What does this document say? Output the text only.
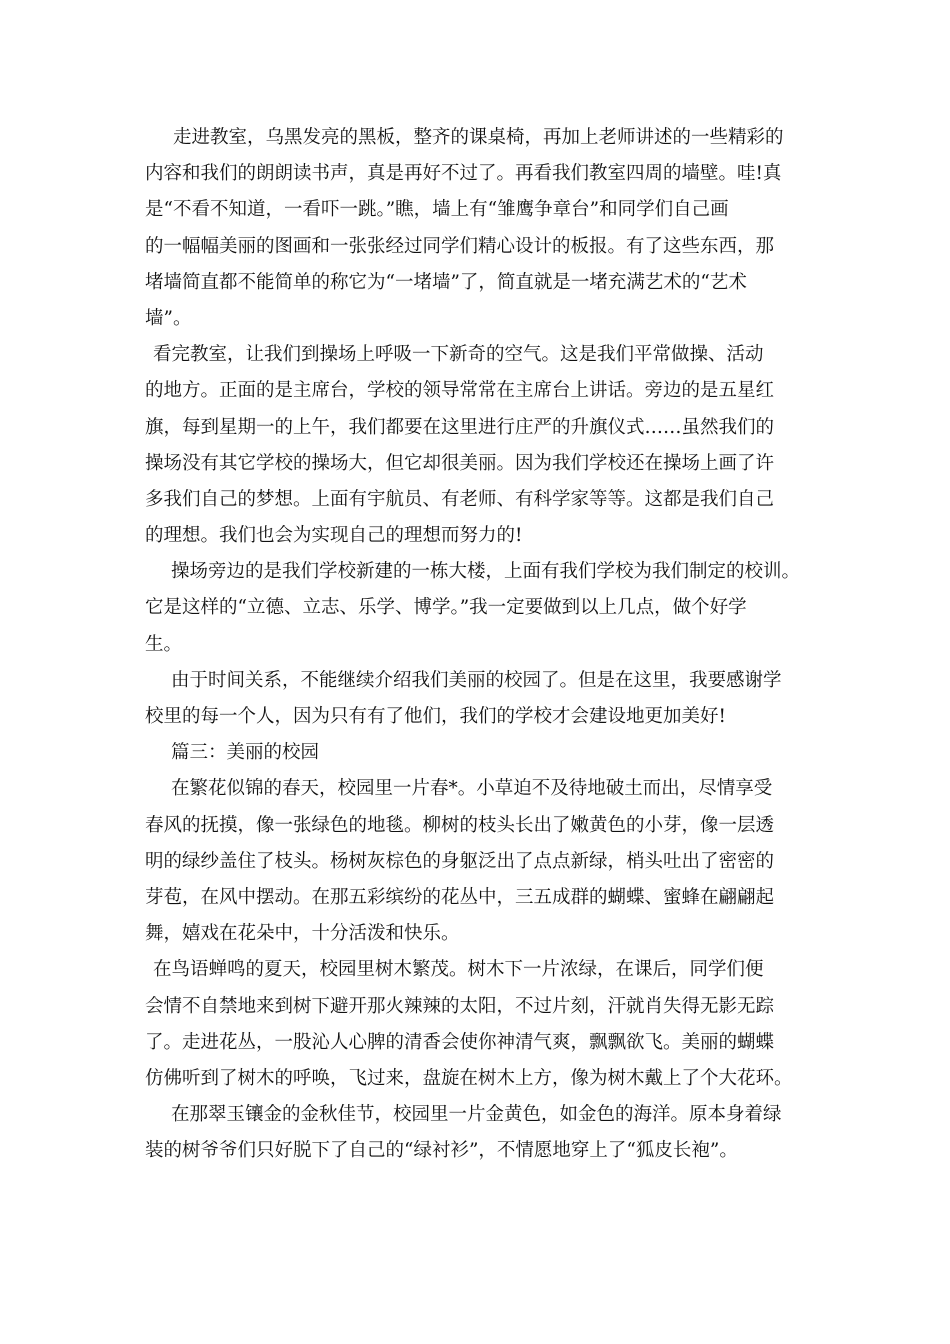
走进教室，乌黑发亮的黑板，整齐的课桌椅，再加上老师讲述的一些精彩的
内容和我们的朗朗读书声，真是再好不过了。再看我们教室四周的墙壁。哇!真
是“不看不知道，一看吓一跳。”瞧，墙上有“雏鹰争章台”和同学们自己画
的一幅幅美丽的图画和一张张经过同学们精心设计的板报。有了这些东西，那
堵墙简直都不能简单的称它为“一堵墙”了，简直就是一堵充满艺术的“艺术
墙”。
看完教室，让我们到操场上呼吸一下新奇的空气。这是我们平常做操、活动
的地方。正面的是主席台，学校的领导常常在主席台上讲话。旁边的是五星红
旗，每到星期一的上午，我们都要在这里进行庄严的升旗仪式……虽然我们的
操场没有其它学校的操场大，但它却很美丽。因为我们学校还在操场上画了许
多我们自己的梦想。上面有宇航员、有老师、有科学家等等。这都是我们自己
的理想。我们也会为实现自己的理想而努力的!
操场旁边的是我们学校新建的一栋大楼，上面有我们学校为我们制定的校训。
它是这样的“立德、立志、乐学、博学。”我一定要做到以上几点，做个好学
生。
由于时间关系，不能继续介绍我们美丽的校园了。但是在这里，我要感谢学
校里的每一个人，因为只有有了他们，我们的学校才会建设地更加美好!
篇三：美丽的校园
在繁花似锦的春天，校园里一片春*。小草迫不及待地破土而出，尽情享受
春风的抚摸，像一张绿色的地毯。柳树的枝头长出了嫩黄色的小芽，像一层透
明的绿纱盖住了枝头。杨树灰棕色的身躯泛出了点点新绿，梢头吐出了密密的
芽苞，在风中摆动。在那五彩缤纷的花丛中，三五成群的蝴蝶、蜜蜂在翩翩起
舞，嬉戏在花朵中，十分活泼和快乐。
在鸟语蝉鸣的夏天，校园里树木繁茂。树木下一片浓绿，在课后，同学们便
会情不自禁地来到树下避开那火辣辣的太阳，不过片刻，汗就肖失得无影无踪
了。走进花丛，一股沁人心脾的清香会使你神清气爽，飘飘欲飞。美丽的蝴蝶
仿佛听到了树木的呼唤，飞过来，盘旋在树木上方，像为树木戴上了个大花环。
在那翠玉镶金的金秋佳节，校园里一片金黄色，如金色的海洋。原本身着绿
装的树爷爷们只好脱下了自己的“绿衬衫”，不情愿地穿上了“狐皮长袍”。
